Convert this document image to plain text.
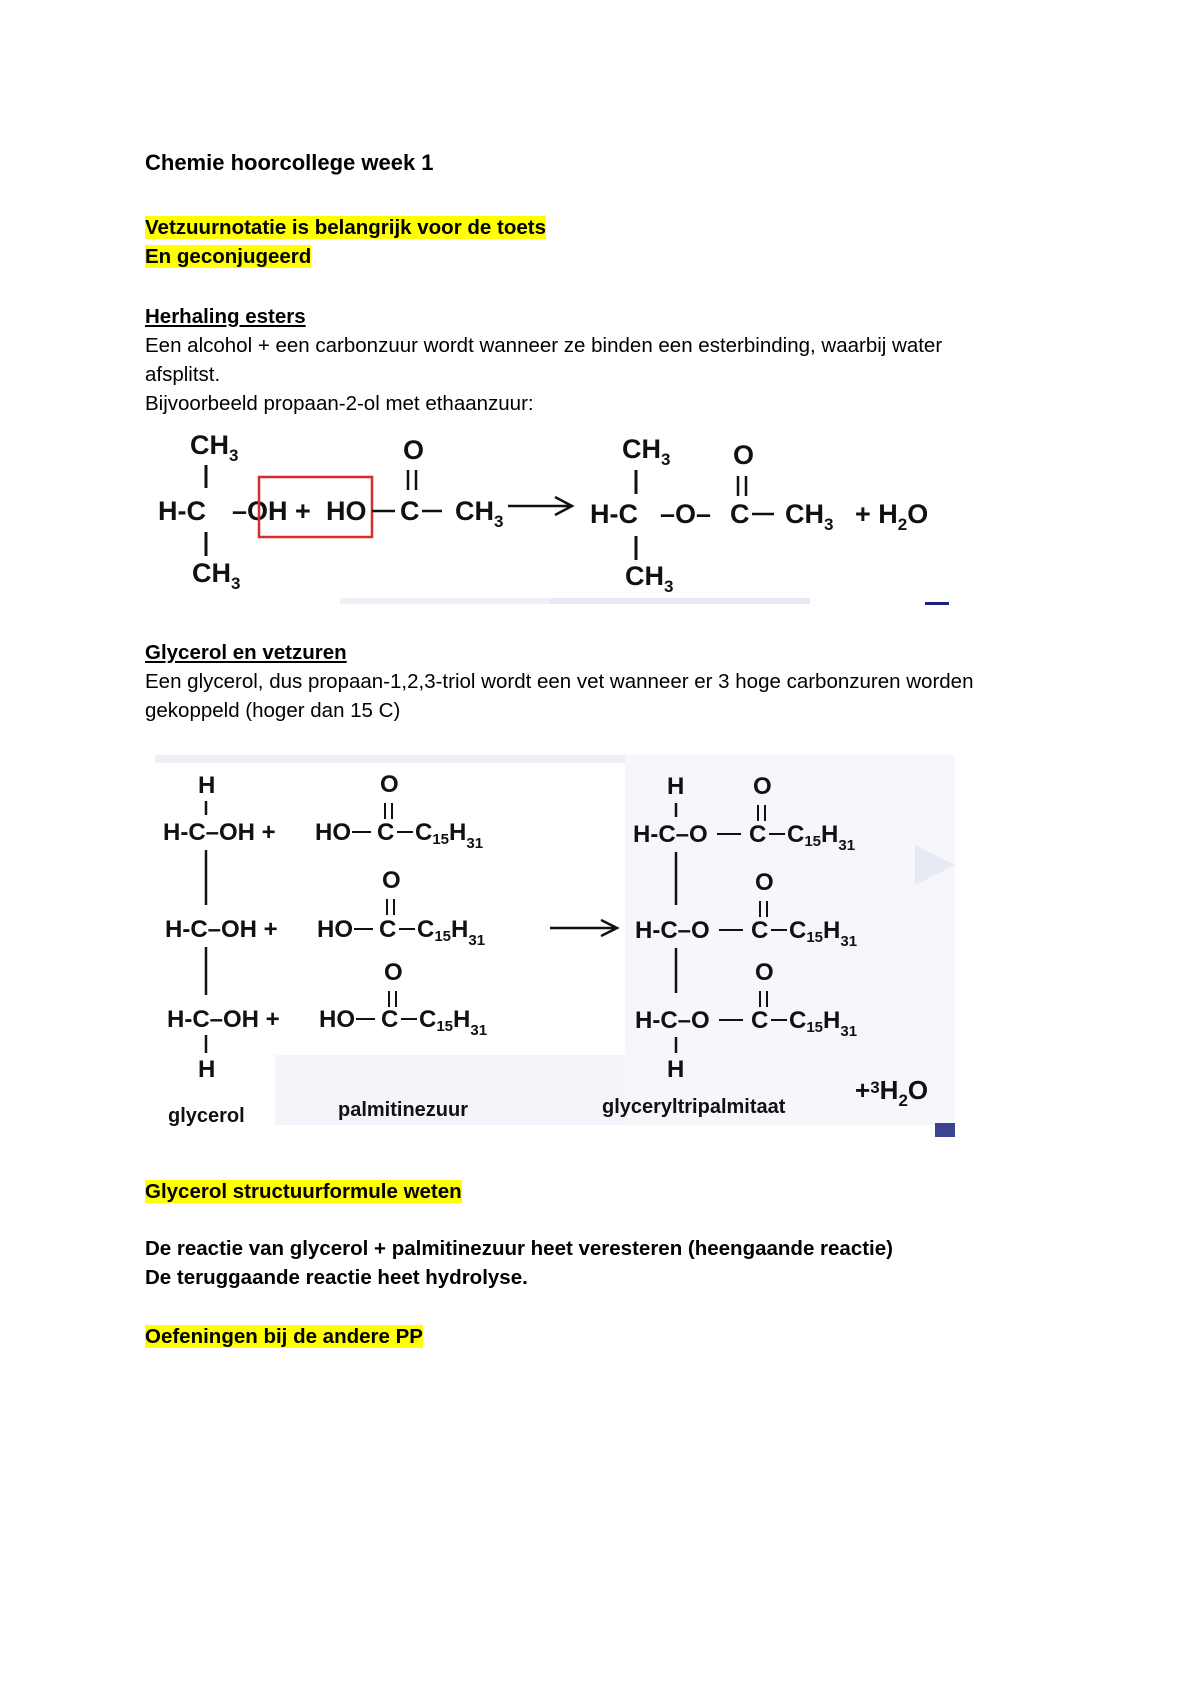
Chemie hoorcollege week 1
Vetzuurnotatie is belangrijk voor de toets
En geconjugeerd
Herhaling esters
Een alcohol + een carbonzuur wordt wanneer ze binden een esterbinding, waarbij water
afsplitst.
Bijvoorbeeld propaan-2-ol met ethaanzuur:
$CH_3$
H-C –OH
$CH_3$
+ HO
O
C $CH_3$
$CH_3$
H-C –O–
O
C $CH_3$
$CH_3$
+ $H_2O$
Glycerol en vetzuren
Een glycerol, dus propaan-1,2,3-triol wordt een vet wanneer er 3 hoge carbonzuren worden
gekoppeld (hoger dan 15 C)
H
H-C–OH +
H-C–OH +
H-C–OH +
H
O
HO C $C15H_{31}$
O
HO C $C15H_{31}$
O
HO C $C15H_{31}$
H
H-C–O
O
C $C15H_{31}$
O
H-C–O C $C15H_{31}$
O
H-C–O C $C15H_{31}$
H
glycerol	palmitinezuur	glyceryltripalmitaat
$+^3H_2O$
Glycerol structuurformule weten
De reactie van glycerol + palmitinezuur heet veresteren (heengaande reactie)
De teruggaande reactie heet hydrolyse.
Oefeningen bij de andere PP
